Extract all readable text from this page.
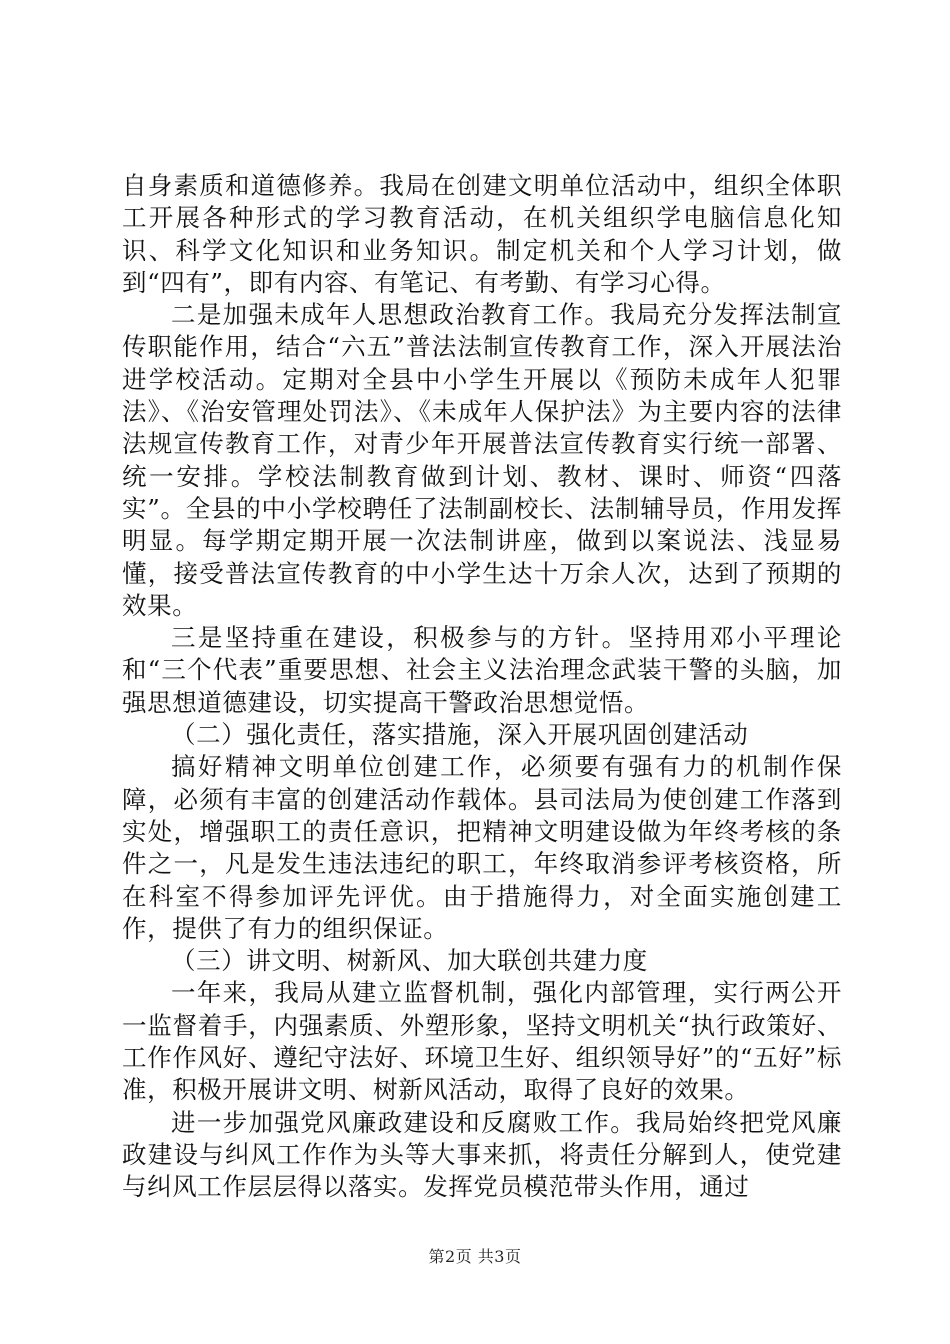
自身素质和道德修养。我局在创建文明单位活动中，组织全体职工开展各种形式的学习教育活动，在机关组织学电脑信息化知识、科学文化知识和业务知识。制定机关和个人学习计划，做到“四有”，即有内容、有笔记、有考勤、有学习心得。

二是加强未成年人思想政治教育工作。我局充分发挥法制宣传职能作用，结合“六五”普法法制宣传教育工作，深入开展法治进学校活动。定期对全县中小学生开展以《预防未成年人犯罪法》、《治安管理处罚法》、《未成年人保护法》为主要内容的法律法规宣传教育工作，对青少年开展普法宣传教育实行统一部署、统一安排。学校法制教育做到计划、教材、课时、师资“四落实”。全县的中小学校聘任了法制副校长、法制辅导员，作用发挥明显。每学期定期开展一次法制讲座，做到以案说法、浅显易懂，接受普法宣传教育的中小学生达十万余人次，达到了预期的效果。

三是坚持重在建设，积极参与的方针。坚持用邓小平理论和“三个代表”重要思想、社会主义法治理念武装干警的头脑，加强思想道德建设，切实提高干警政治思想觉悟。

（二）强化责任，落实措施，深入开展巩固创建活动

搞好精神文明单位创建工作，必须要有强有力的机制作保障，必须有丰富的创建活动作载体。县司法局为使创建工作落到实处，增强职工的责任意识，把精神文明建设做为年终考核的条件之一，凡是发生违法违纪的职工，年终取消参评考核资格，所在科室不得参加评先评优。由于措施得力，对全面实施创建工作，提供了有力的组织保证。

（三）讲文明、树新风、加大联创共建力度

一年来，我局从建立监督机制，强化内部管理，实行两公开一监督着手，内强素质、外塑形象，坚持文明机关“执行政策好、工作作风好、遵纪守法好、环境卫生好、组织领导好”的“五好”标准，积极开展讲文明、树新风活动，取得了良好的效果。

进一步加强党风廉政建设和反腐败工作。我局始终把党风廉政建设与纠风工作作为头等大事来抓，将责任分解到人，使党建与纠风工作层层得以落实。发挥党员模范带头作用，通过

第2页 共3页
